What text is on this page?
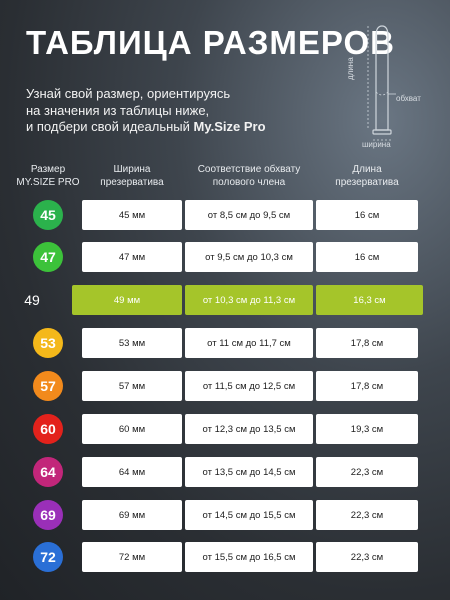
ТАБЛИЦА РАЗМЕРОВ
Узнай свой размер, ориентируясь
на значения из таблицы ниже,
и подбери свой идеальный My.Size Pro
длина
обхват
ширина
Размер
MY.SIZE PRO
Ширина
презерватива
Соответствие обхвату
полового члена
Длина
презерватива
45	45 мм	от 8,5 см до 9,5 см	16 см
47	47 мм	от 9,5 см до 10,3 см	16 см
49	49 мм	от 10,3 см до 11,3 см	16,3 см
53	53 мм	от 11 см до 11,7 см	17,8 см
57	57 мм	от 11,5 см до 12,5 см	17,8 см
60	60 мм	от 12,3 см до 13,5 см	19,3 см
64	64 мм	от 13,5 см до 14,5 см	22,3 см
69	69 мм	от 14,5 см до 15,5 см	22,3 см
72	72 мм	от 15,5 см до 16,5 см	22,3 см
